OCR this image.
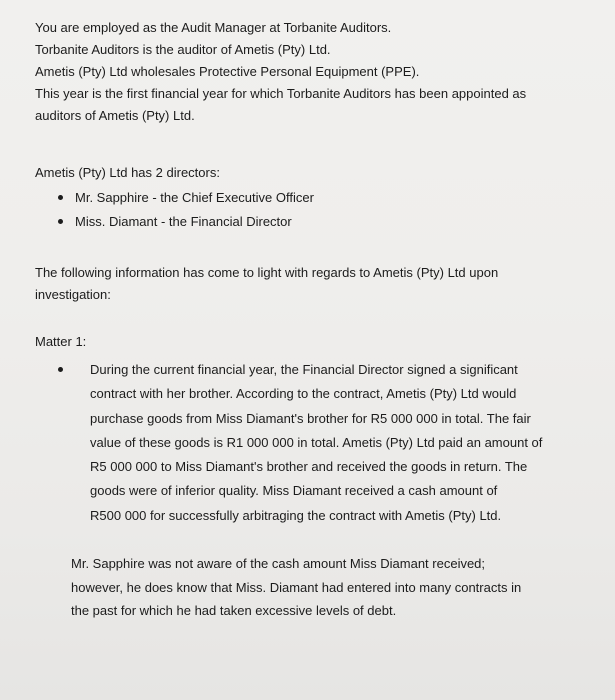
You are employed as the Audit Manager at Torbanite Auditors.
Torbanite Auditors is the auditor of Ametis (Pty) Ltd.
Ametis (Pty) Ltd wholesales Protective Personal Equipment (PPE).
This year is the first financial year for which Torbanite Auditors has been appointed as
auditors of Ametis (Pty) Ltd.

Ametis (Pty) Ltd has 2 directors:

Mr. Sapphire - the Chief Executive Officer
Miss. Diamant - the Financial Director

The following information has come to light with regards to Ametis (Pty) Ltd upon
investigation:

Matter 1:

During the current financial year, the Financial Director signed a significant
contract with her brother. According to the contract, Ametis (Pty) Ltd would
purchase goods from Miss Diamant's brother for R5 000 000 in total. The fair
value of these goods is R1 000 000 in total. Ametis (Pty) Ltd paid an amount of
R5 000 000 to Miss Diamant's brother and received the goods in return. The
goods were of inferior quality. Miss Diamant received a cash amount of
R500 000 for successfully arbitraging the contract with Ametis (Pty) Ltd.

Mr. Sapphire was not aware of the cash amount Miss Diamant received;
however, he does know that Miss. Diamant had entered into many contracts in
the past for which he had taken excessive levels of debt.
